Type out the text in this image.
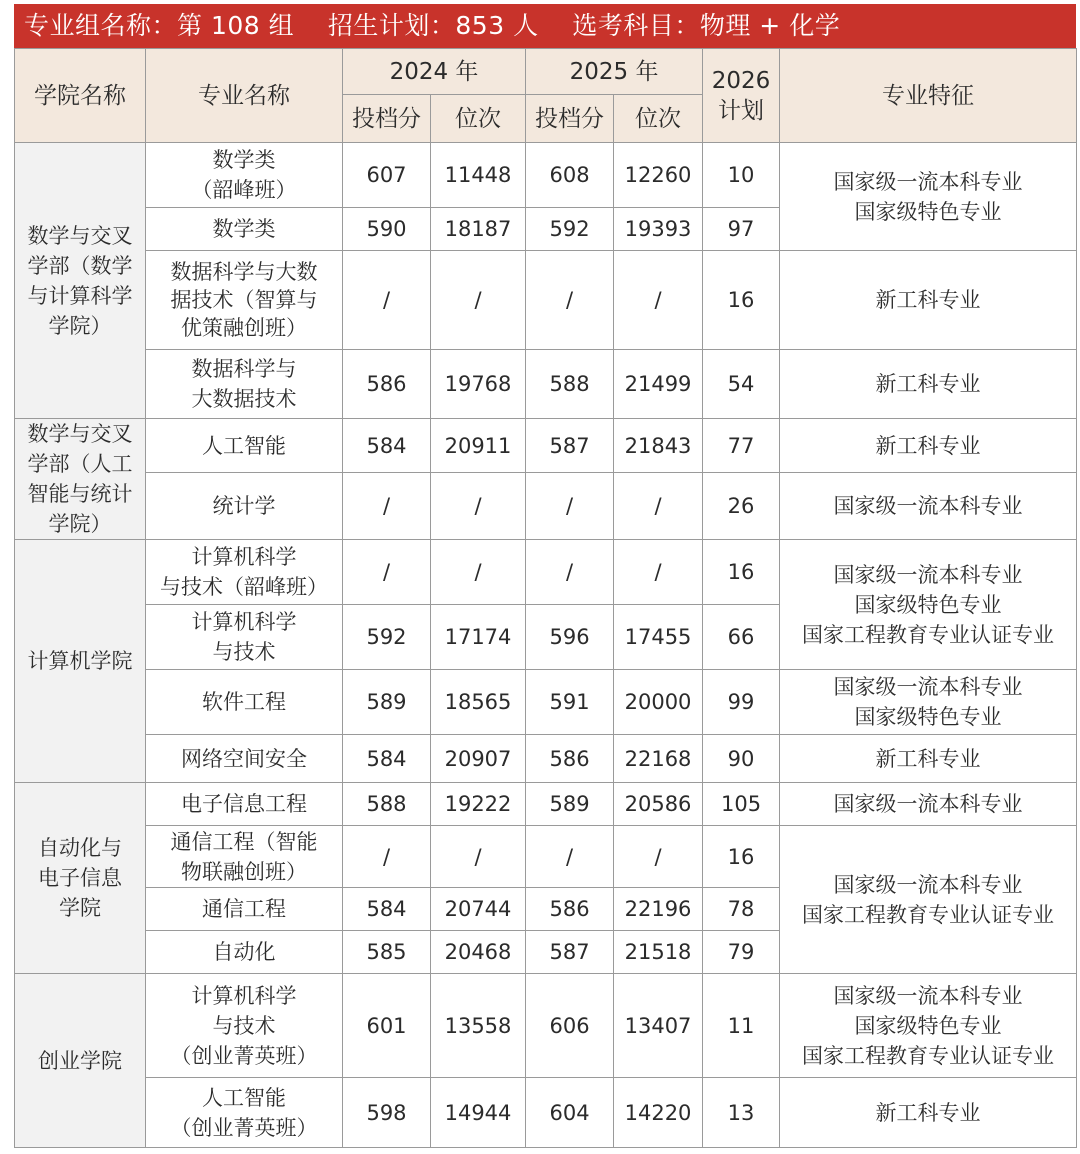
专业组名称：第 108 组    招生计划：853 人    选考科目：物理 + 化学
学院名称	专业名称	2024 年		2025 年		2026
计划	专业特征
		投档分	位次	投档分	位次		
数学与交叉
学部（数学
与计算科学
学院）	数学类
（韶峰班）	607	11448	608	12260	10	国家级一流本科专业
国家级特色专业
	数学类	590	18187	592	19393	97	
	数据科学与大数
据技术（智算与
优策融创班）	/	/	/	/	16	新工科专业
	数据科学与
大数据技术	586	19768	588	21499	54	新工科专业
数学与交叉
学部（人工
智能与统计
学院）	人工智能	584	20911	587	21843	77	新工科专业
	统计学	/	/	/	/	26	国家级一流本科专业
计算机学院	计算机科学
与技术（韶峰班）	/	/	/	/	16	国家级一流本科专业
国家级特色专业
国家工程教育专业认证专业
	计算机科学
与技术	592	17174	596	17455	66	
	软件工程	589	18565	591	20000	99	国家级一流本科专业
国家级特色专业
	网络空间安全	584	20907	586	22168	90	新工科专业
自动化与
电子信息
学院	电子信息工程	588	19222	589	20586	105	国家级一流本科专业
	通信工程（智能
物联融创班）	/	/	/	/	16	国家级一流本科专业
国家工程教育专业认证专业
	通信工程	584	20744	586	22196	78	
	自动化	585	20468	587	21518	79	
创业学院	计算机科学
与技术
（创业菁英班）	601	13558	606	13407	11	国家级一流本科专业
国家级特色专业
国家工程教育专业认证专业
	人工智能
（创业菁英班）	598	14944	604	14220	13	新工科专业
